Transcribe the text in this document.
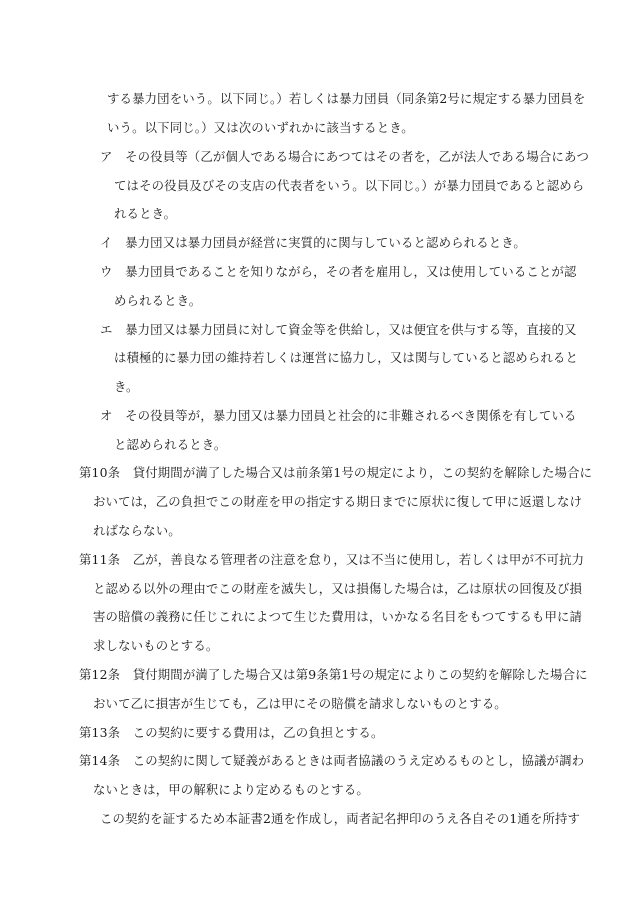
する暴力団をいう。以下同じ。）若しくは暴力団員（同条第2号に規定する暴力団員を
いう。以下同じ。）又は次のいずれかに該当するとき。
ア　その役員等（乙が個人である場合にあつてはその者を，乙が法人である場合にあつ
てはその役員及びその支店の代表者をいう。以下同じ。）が暴力団員であると認めら
れるとき。
イ　暴力団又は暴力団員が経営に実質的に関与していると認められるとき。
ウ　暴力団員であることを知りながら，その者を雇用し，又は使用していることが認
められるとき。
エ　暴力団又は暴力団員に対して資金等を供給し，又は便宜を供与する等，直接的又
は積極的に暴力団の維持若しくは運営に協力し，又は関与していると認められると
き。
オ　その役員等が，暴力団又は暴力団員と社会的に非難されるべき関係を有している
と認められるとき。
第10条　貸付期間が満了した場合又は前条第1号の規定により，この契約を解除した場合に
おいては，乙の負担でこの財産を甲の指定する期日までに原状に復して甲に返還しなけ
ればならない。
第11条　乙が，善良なる管理者の注意を怠り，又は不当に使用し，若しくは甲が不可抗力
と認める以外の理由でこの財産を滅失し，又は損傷した場合は，乙は原状の回復及び損
害の賠償の義務に任じこれによつて生じた費用は，いかなる名目をもつてするも甲に請
求しないものとする。
第12条　貸付期間が満了した場合又は第9条第1号の規定によりこの契約を解除した場合に
おいて乙に損害が生じても，乙は甲にその賠償を請求しないものとする。
第13条　この契約に要する費用は，乙の負担とする。
第14条　この契約に関して疑義があるときは両者協議のうえ定めるものとし，協議が調わ
ないときは，甲の解釈により定めるものとする。
この契約を証するため本証書2通を作成し，両者記名押印のうえ各自その1通を所持す
